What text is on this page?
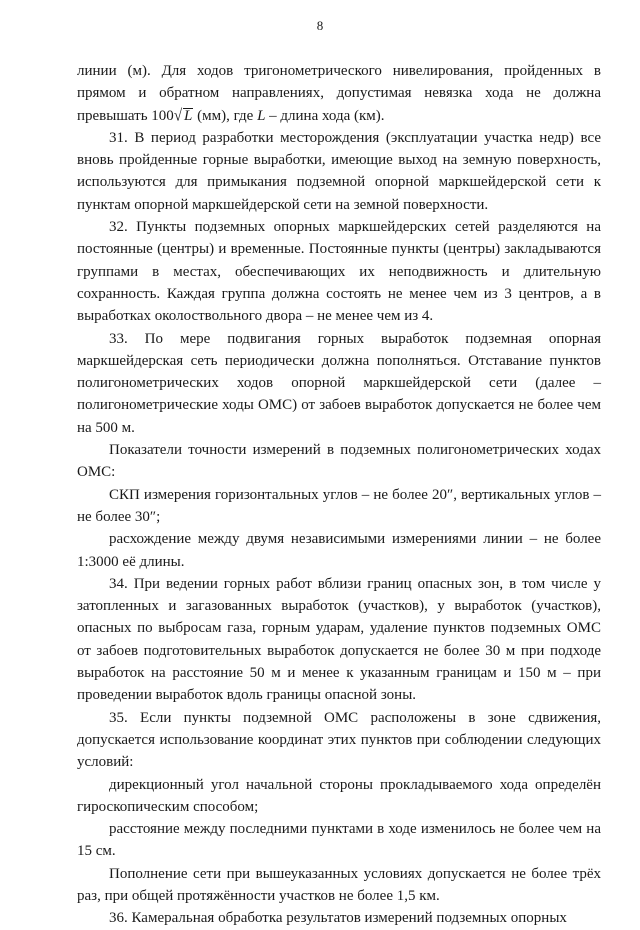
8

линии (м). Для ходов тригонометрического нивелирования, пройденных в прямом и обратном направлениях, допустимая невязка хода не должна превышать 100√ L (мм), где L – длина хода (км).

31. В период разработки месторождения (эксплуатации участка недр) все вновь пройденные горные выработки, имеющие выход на земную поверхность, используются для примыкания подземной опорной маркшейдерской сети к пунктам опорной маркшейдерской сети на земной поверхности.

32. Пункты подземных опорных маркшейдерских сетей разделяются на постоянные (центры) и временные. Постоянные пункты (центры) закладываются группами в местах, обеспечивающих их неподвижность и длительную сохранность. Каждая группа должна состоять не менее чем из 3 центров, а в выработках околоствольного двора – не менее чем из 4.

33. По мере подвигания горных выработок подземная опорная маркшейдерская сеть периодически должна пополняться. Отставание пунктов полигонометрических ходов опорной маркшейдерской сети (далее – полигонометрические ходы ОМС) от забоев выработок допускается не более чем на 500 м.

Показатели точности измерений в подземных полигонометрических ходах ОМС:

СКП измерения горизонтальных углов – не более 20″, вертикальных углов – не более 30″;

расхождение между двумя независимыми измерениями линии – не более 1:3000 её длины.

34. При ведении горных работ вблизи границ опасных зон, в том числе у затопленных и загазованных выработок (участков), у выработок (участков), опасных по выбросам газа, горным ударам, удаление пунктов подземных ОМС от забоев подготовительных выработок допускается не более 30 м при подходе выработок на расстояние 50 м и менее к указанным границам и 150 м – при проведении выработок вдоль границы опасной зоны.

35. Если пункты подземной ОМС расположены в зоне сдвижения, допускается использование координат этих пунктов при соблюдении следующих условий:

дирекционный угол начальной стороны прокладываемого хода определён гироскопическим способом;

расстояние между последними пунктами в ходе изменилось не более чем на 15 см.

Пополнение сети при вышеуказанных условиях допускается не более трёх раз, при общей протяжённости участков не более 1,5 км.

36. Камеральная обработка результатов измерений подземных опорных
